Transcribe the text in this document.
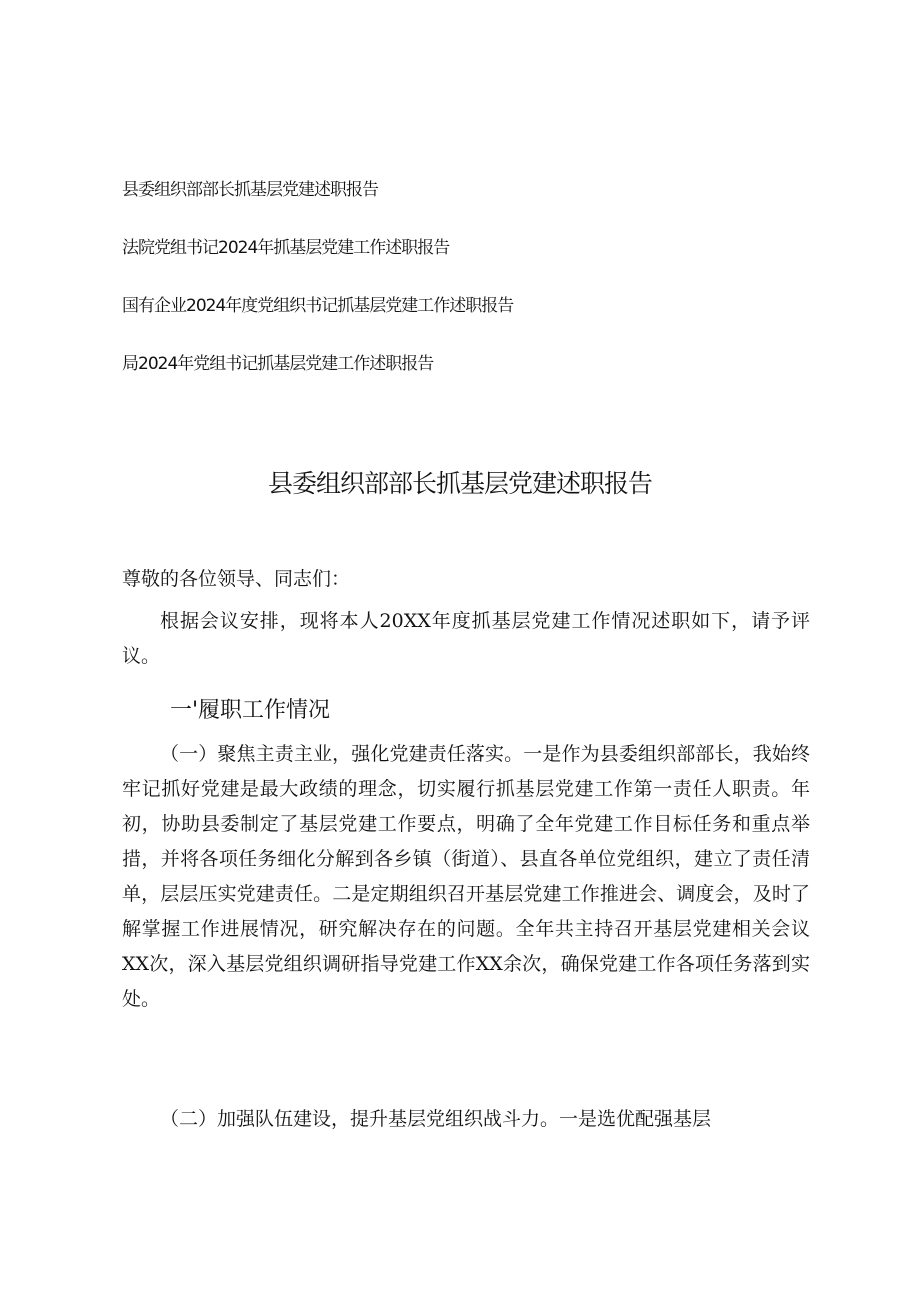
县委组织部部长抓基层党建述职报告
法院党组书记2024年抓基层党建工作述职报告
国有企业2024年度党组织书记抓基层党建工作述职报告
局2024年党组书记抓基层党建工作述职报告
县委组织部部长抓基层党建述职报告
尊敬的各位领导、同志们：
根据会议安排，现将本人20XX年度抓基层党建工作情况述职如下，请予评议。
一'履职工作情况
（一）聚焦主责主业，强化党建责任落实。一是作为县委组织部部长，我始终牢记抓好党建是最大政绩的理念，切实履行抓基层党建工作第一责任人职责。年初，协助县委制定了基层党建工作要点，明确了全年党建工作目标任务和重点举措，并将各项任务细化分解到各乡镇（街道）、县直各单位党组织，建立了责任清单，层层压实党建责任。二是定期组织召开基层党建工作推进会、调度会，及时了解掌握工作进展情况，研究解决存在的问题。全年共主持召开基层党建相关会议XX次，深入基层党组织调研指导党建工作XX余次，确保党建工作各项任务落到实处。
（二）加强队伍建设，提升基层党组织战斗力。一是选优配强基层
